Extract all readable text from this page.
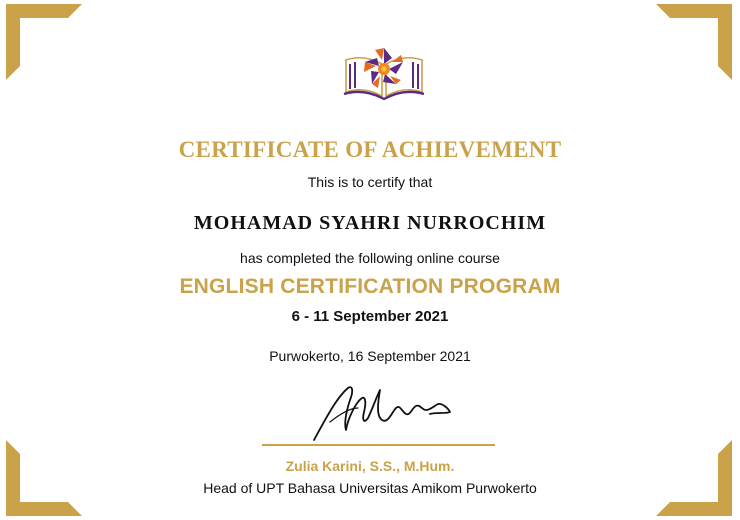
CERTIFICATE OF ACHIEVEMENT
This is to certify that
MOHAMAD SYAHRI NURROCHIM
has completed the following online course
ENGLISH CERTIFICATION PROGRAM
6 - 11 September 2021
Purwokerto, 16 September 2021
Zulia Karini, S.S., M.Hum.
Head of UPT Bahasa Universitas Amikom Purwokerto
